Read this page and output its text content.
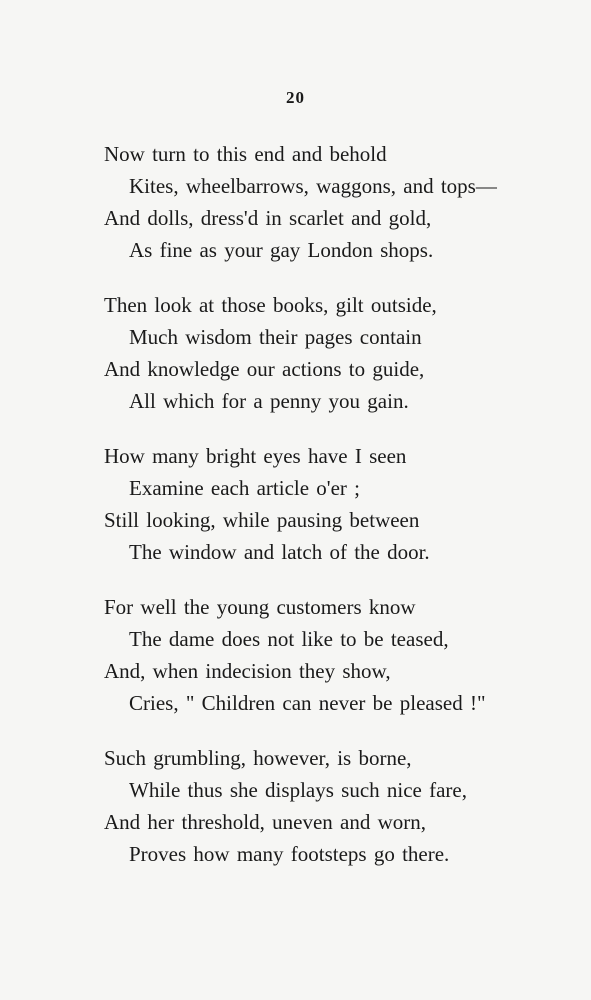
20
Now turn to this end and behold
Kites, wheelbarrows, waggons, and tops—
And dolls, dress'd in scarlet and gold,
As fine as your gay London shops.
Then look at those books, gilt outside,
Much wisdom their pages contain
And knowledge our actions to guide,
All which for a penny you gain.
How many bright eyes have I seen
Examine each article o'er ;
Still looking, while pausing between
The window and latch of the door.
For well the young customers know
The dame does not like to be teased,
And, when indecision they show,
Cries, " Children can never be pleased !"
Such grumbling, however, is borne,
While thus she displays such nice fare,
And her threshold, uneven and worn,
Proves how many footsteps go there.
